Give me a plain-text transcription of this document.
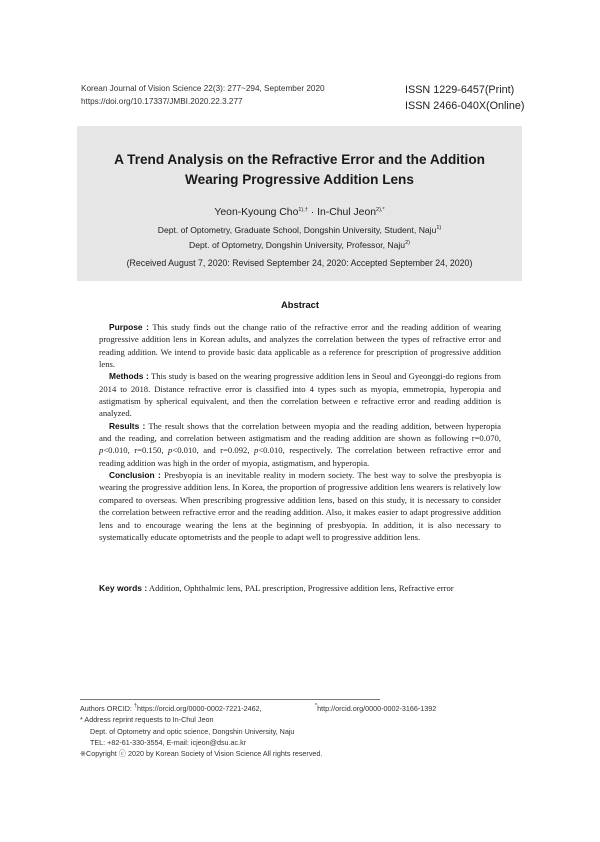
Korean Journal of Vision Science 22(3): 277~294, September 2020
https://doi.org/10.17337/JMBI.2020.22.3.277
ISSN 1229-6457(Print)
ISSN 2466-040X(Online)
A Trend Analysis on the Refractive Error and the Addition
Wearing Progressive Addition Lens
Yeon-Kyoung Cho$^{1),\dagger}$ · In-Chul Jeon$^{2),*}$
Dept. of Optometry, Graduate School, Dongshin University, Student, Naju$^{1)}$
Dept. of Optometry, Dongshin University, Professor, Naju$^{2)}$
(Received August 7, 2020: Revised September 24, 2020: Accepted September 24, 2020)
Abstract

Purpose : This study finds out the change ratio of the refractive error and the reading addition of wearing progressive addition lens in Korean adults, and analyzes the correlation between the types of refractive error and reading addition. We intend to provide basic data applicable as a reference for prescription of progressive addition lens.

Methods : This study is based on the wearing progressive addition lens in Seoul and Gyeonggi-do regions from 2014 to 2018. Distance refractive error is classified into 4 types such as myopia, emmetropia, hyperopia and astigmatism by spherical equivalent, and then the correlation between e refractive error and reading addition is analyzed.

Results : The result shows that the correlation between myopia and the reading addition, between hyperopia and the reading, and correlation between astigmatism and the reading addition are shown as following r=0.070, p<0.010, r=0.150, p<0.010, and r=0.092, p<0.010, respectively. The correlation between refractive error and reading addition was high in the order of myopia, astigmatism, and hyperopia.

Conclusion : Presbyopia is an inevitable reality in modern society. The best way to solve the presbyopia is wearing the progressive addition lens. In Korea, the proportion of progressive addition lens wearers is relatively low compared to overseas. When prescribing progressive addition lens, based on this study, it is necessary to consider the correlation between refractive error and the reading addition. Also, it makes easier to adapt progressive addition lens and to encourage wearing the lens at the beginning of presbyopia. In addition, it is also necessary to systematically educate optometrists and the people to adapt well to progressive addition lens.

Key words : Addition, Ophthalmic lens, PAL prescription, Progressive addition lens, Refractive error
Authors ORCID: †https://orcid.org/0000-0002-7221-2462,	*http://orcid.org/0000-0002-3166-1392
* Address reprint requests to In-Chul Jeon
Dept. of Optometry and optic science, Dongshin University, Naju
TEL: +82-61-330-3554, E-mail: icjeon@dsu.ac.kr
※Copyright ⓒ 2020 by Korean Society of Vision Science All rights reserved.
